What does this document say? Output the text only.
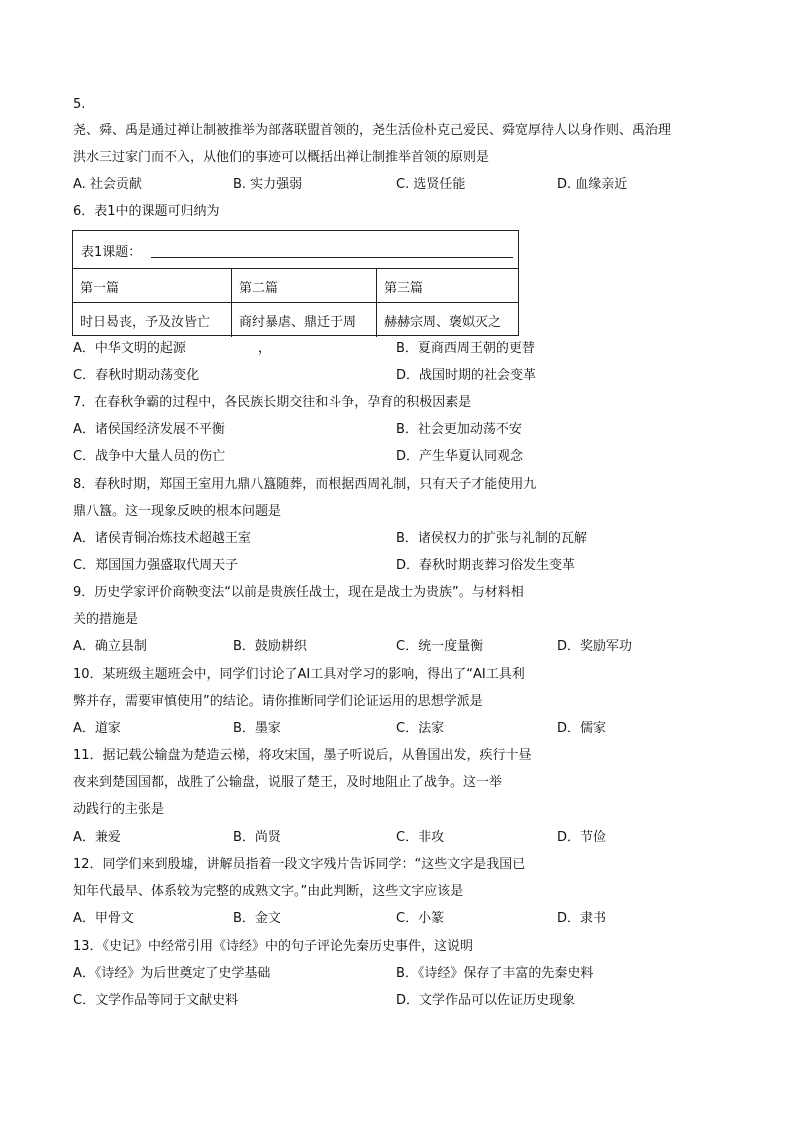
5.
尧、舜、禹是通过禅让制被推举为部落联盟首领的，尧生活俭朴克己爱民、舜宽厚待人以身作则、禹治理
洪水三过家门而不入，从他们的事迹可以概括出禅让制推举首领的原则是
A. 社会贡献	B. 实力强弱	C. 选贤任能	D. 血缘亲近
6．表1中的课题可归纳为
表1课题：
第一篇	第二篇	第三篇
时日曷丧，予及汝皆亡 商纣暴虐、鼎迁于周 赫赫宗周、褒姒灭之
A．中华文明的起源	，	B．夏商西周王朝的更替
C．春秋时期动荡变化	D．战国时期的社会变革
7．在春秋争霸的过程中，各民族长期交往和斗争，孕育的积极因素是
A．诸侯国经济发展不平衡	B．社会更加动荡不安
C．战争中大量人员的伤亡	D．产生华夏认同观念
8．春秋时期，郑国王室用九鼎八簋随葬，而根据西周礼制，只有天子才能使用九
鼎八簋。这一现象反映的根本问题是
A．诸侯青铜冶炼技术超越王室	B．诸侯权力的扩张与礼制的瓦解
C．郑国国力强盛取代周天子	D．春秋时期丧葬习俗发生变革
9．历史学家评价商鞅变法“以前是贵族任战士，现在是战士为贵族”。与材料相
关的措施是
A．确立县制	B．鼓励耕织	C．统一度量衡	D．奖励军功
10．某班级主题班会中，同学们讨论了AI工具对学习的影响，得出了“AI工具利
弊并存，需要审慎使用”的结论。请你推断同学们论证运用的思想学派是
A．道家	B．墨家	C．法家	D．儒家
11．据记载公输盘为楚造云梯，将攻宋国，墨子听说后，从鲁国出发，疾行十昼
夜来到楚国国都，战胜了公输盘，说服了楚王，及时地阻止了战争。这一举
动践行的主张是
A．兼爱	B．尚贤	C．非攻	D．节俭
12．同学们来到殷墟，讲解员指着一段文字残片告诉同学：“这些文字是我国已
知年代最早、体系较为完整的成熟文字。”由此判断，这些文字应该是
A．甲骨文	B．金文	C．小篆	D．隶书
13．《史记》中经常引用《诗经》中的句子评论先秦历史事件，这说明
A．《诗经》为后世奠定了史学基础	B．《诗经》保存了丰富的先秦史料
C．文学作品等同于文献史料	D．文学作品可以佐证历史现象
